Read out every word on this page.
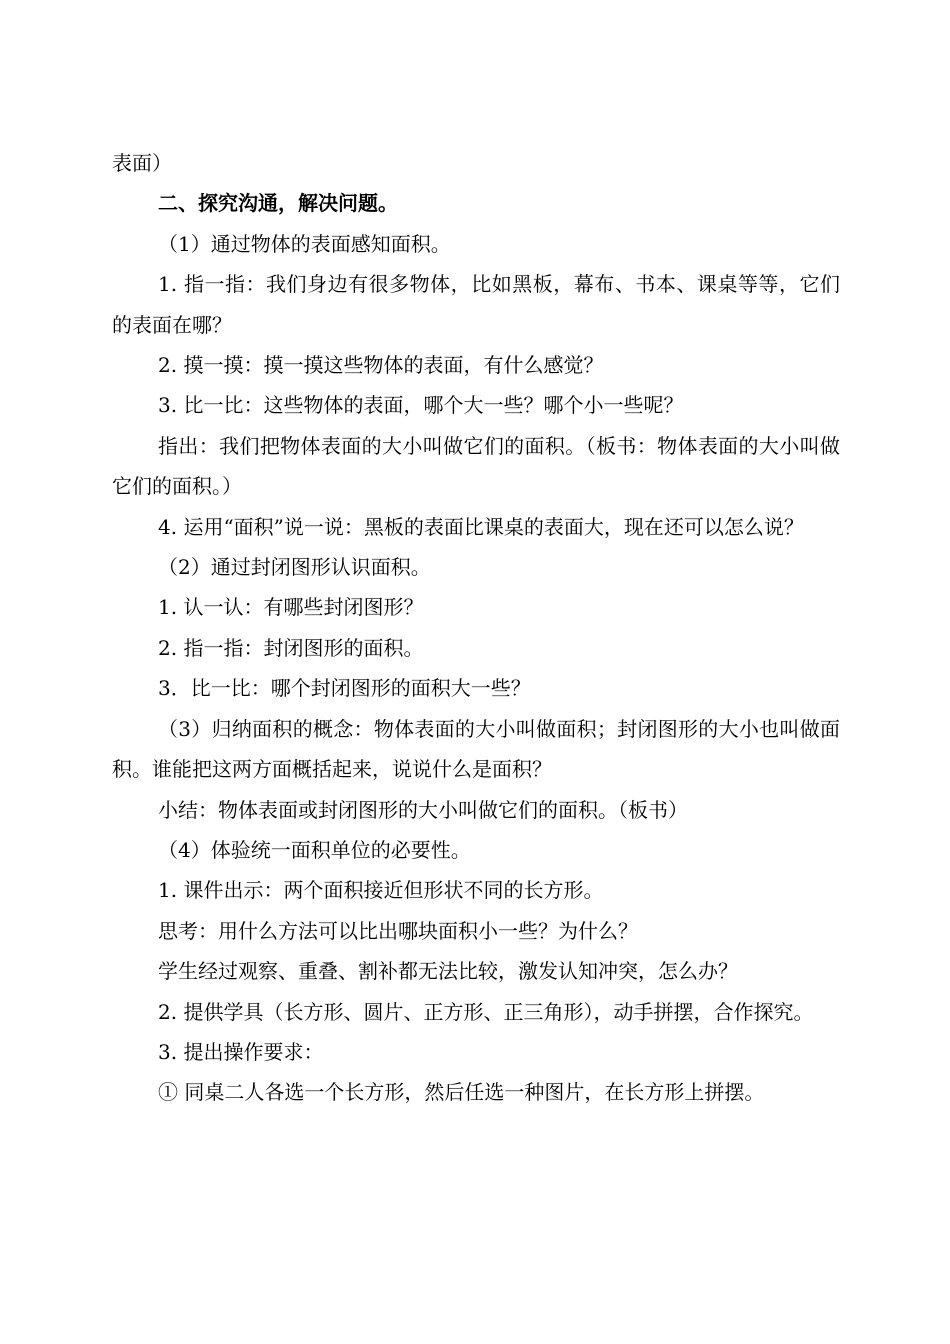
表面）

二、探究沟通，解决问题。

（1）通过物体的表面感知面积。

1. 指一指：我们身边有很多物体，比如黑板，幕布、书本、课桌等等，它们的表面在哪？

2. 摸一摸：摸一摸这些物体的表面，有什么感觉？

3. 比一比：这些物体的表面，哪个大一些？哪个小一些呢？

指出：我们把物体表面的大小叫做它们的面积。（板书：物体表面的大小叫做它们的面积。）

4. 运用“面积”说一说：黑板的表面比课桌的表面大，现在还可以怎么说？

（2）通过封闭图形认识面积。

1. 认一认：有哪些封闭图形？

2. 指一指：封闭图形的面积。

3．比一比：哪个封闭图形的面积大一些？

（3）归纳面积的概念：物体表面的大小叫做面积；封闭图形的大小也叫做面积。谁能把这两方面概括起来，说说什么是面积？

小结：物体表面或封闭图形的大小叫做它们的面积。（板书）

（4）体验统一面积单位的必要性。

1. 课件出示：两个面积接近但形状不同的长方形。

思考：用什么方法可以比出哪块面积小一些？为什么？

学生经过观察、重叠、割补都无法比较，激发认知冲突，怎么办？

2. 提供学具（长方形、圆片、正方形、正三角形），动手拼摆，合作探究。

3. 提出操作要求：

① 同桌二人各选一个长方形，然后任选一种图片，在长方形上拼摆。
